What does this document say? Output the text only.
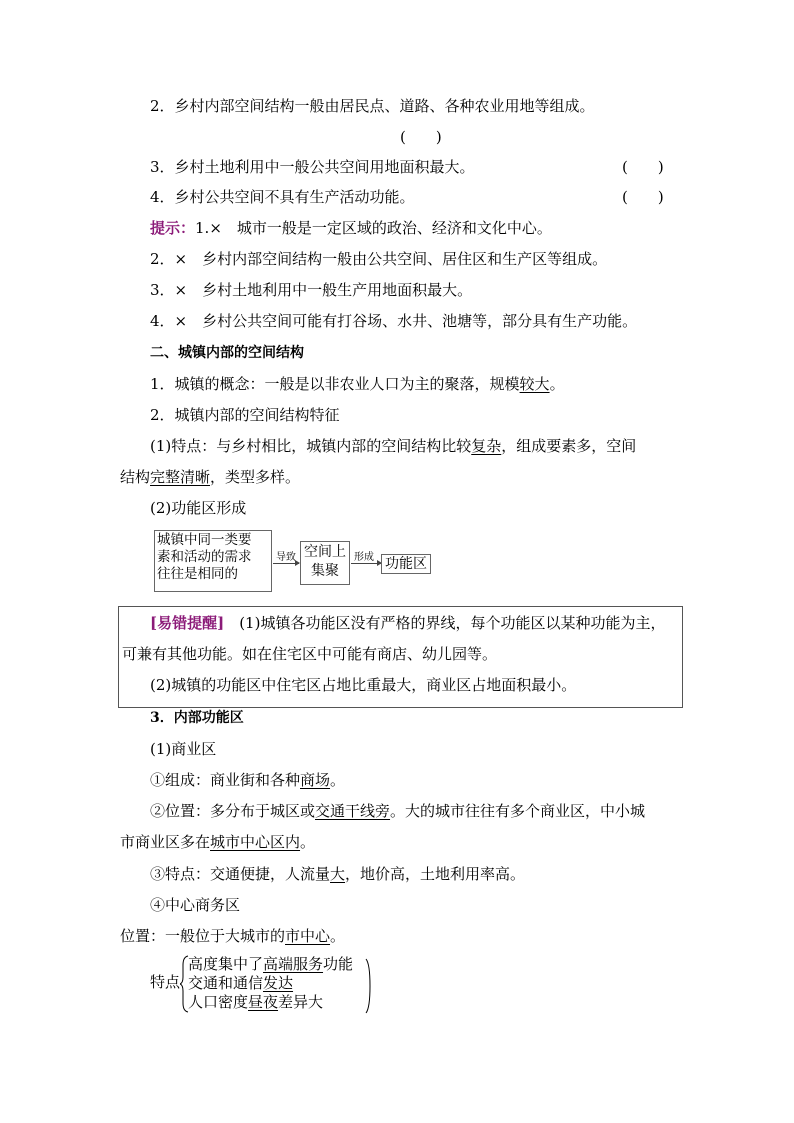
2．乡村内部空间结构一般由居民点、道路、各种农业用地等组成。
(　　)
3．乡村土地利用中一般公共空间用地面积最大。	(　　)
4．乡村公共空间不具有生产活动功能。	(　　)
提示：1.×　城市一般是一定区域的政治、经济和文化中心。
2．×　乡村内部空间结构一般由公共空间、居住区和生产区等组成。
3．×　乡村土地利用中一般生产用地面积最大。
4．×　乡村公共空间可能有打谷场、水井、池塘等，部分具有生产功能。
二、城镇内部的空间结构
1．城镇的概念：一般是以非农业人口为主的聚落，规模较大。
2．城镇内部的空间结构特征
(1)特点：与乡村相比，城镇内部的空间结构比较复杂，组成要素多，空间
结构完整清晰，类型多样。
(2)功能区形成
城镇中同一类要
素和活动的需求
往往是相同的
导致 空间上
集聚
形成 功能区
[易错提醒]　(1)城镇各功能区没有严格的界线，每个功能区以某种功能为主，
可兼有其他功能。如在住宅区中可能有商店、幼儿园等。
(2)城镇的功能区中住宅区占地比重最大，商业区占地面积最小。
3．内部功能区
(1)商业区
①组成：商业街和各种商场。
②位置：多分布于城区或交通干线旁。大的城市往往有多个商业区，中小城
市商业区多在城市中心区内。
③特点：交通便捷，人流量大，地价高，土地利用率高。
④中心商务区
位置：一般位于大城市的市中心。
特点
高度集中了高端服务功能
交通和通信发达
人口密度昼夜差异大
